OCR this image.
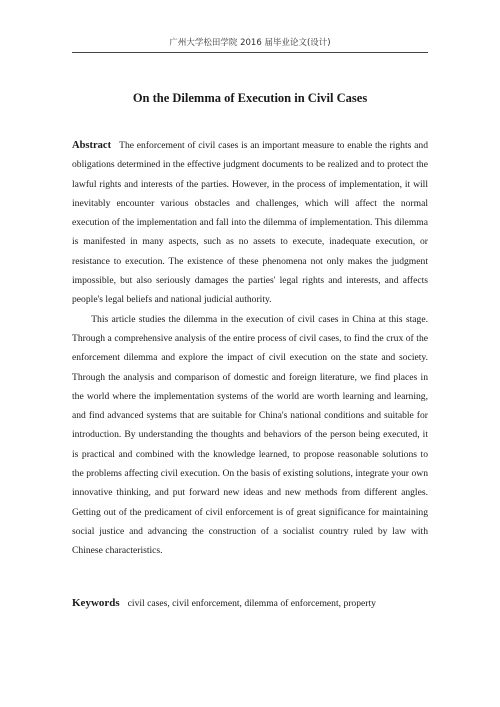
广州大学松田学院 2016 届毕业论文(设计)
On the Dilemma of Execution in Civil Cases

Abstract The enforcement of civil cases is an important measure to enable the rights and obligations determined in the effective judgment documents to be realized and to protect the lawful rights and interests of the parties. However, in the process of implementation, it will inevitably encounter various obstacles and challenges, which will affect the normal execution of the implementation and fall into the dilemma of implementation. This dilemma is manifested in many aspects, such as no assets to execute, inadequate execution, or resistance to execution. The existence of these phenomena not only makes the judgment impossible, but also seriously damages the parties' legal rights and interests, and affects people's legal beliefs and national judicial authority.

This article studies the dilemma in the execution of civil cases in China at this stage. Through a comprehensive analysis of the entire process of civil cases, to find the crux of the enforcement dilemma and explore the impact of civil execution on the state and society. Through the analysis and comparison of domestic and foreign literature, we find places in the world where the implementation systems of the world are worth learning and learning, and find advanced systems that are suitable for China's national conditions and suitable for introduction. By understanding the thoughts and behaviors of the person being executed, it is practical and combined with the knowledge learned, to propose reasonable solutions to the problems affecting civil execution. On the basis of existing solutions, integrate your own innovative thinking, and put forward new ideas and new methods from different angles. Getting out of the predicament of civil enforcement is of great significance for maintaining social justice and advancing the construction of a socialist country ruled by law with Chinese characteristics.

Keywords civil cases, civil enforcement, dilemma of enforcement, property
